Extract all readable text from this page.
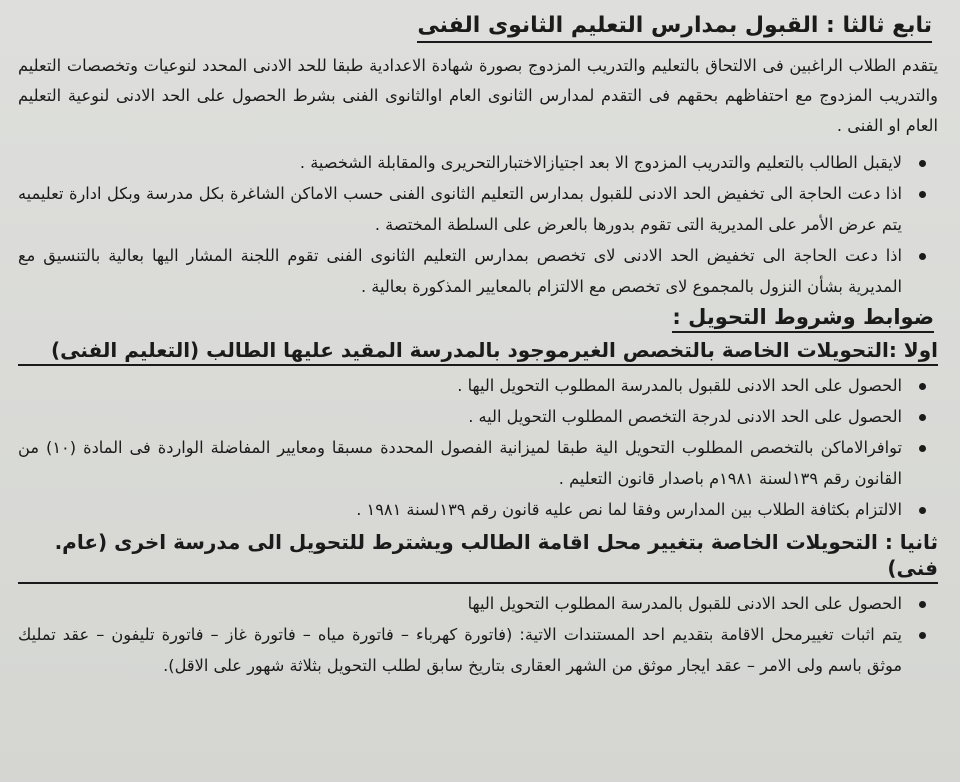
تابع ثالثا : القبول بمدارس التعليم الثانوى الفنى

يتقدم الطلاب الراغبين فى الالتحاق بالتعليم والتدريب المزدوج بصورة شهادة الاعدادية طبقا للحد الادنى المحدد لنوعيات وتخصصات التعليم والتدريب المزدوج مع احتفاظهم بحقهم فى التقدم لمدارس الثانوى العام اوالثانوى الفنى بشرط الحصول على الحد الادنى لنوعية التعليم العام او الفنى .

لايقبل الطالب بالتعليم والتدريب المزدوج الا بعد اجتيازالاختبارالتحريرى والمقابلة الشخصية .
اذا دعت الحاجة الى تخفيض الحد الادنى للقبول بمدارس التعليم الثانوى الفنى حسب الاماكن الشاغرة بكل مدرسة وبكل ادارة تعليميه يتم عرض الأمر على المديرية التى تقوم بدورها بالعرض على السلطة المختصة .
اذا دعت الحاجة الى تخفيض الحد الادنى لاى تخصص بمدارس التعليم الثانوى الفنى تقوم اللجنة المشار اليها بعالية بالتنسيق مع المديرية بشأن النزول بالمجموع لاى تخصص مع الالتزام بالمعايير المذكورة بعالية .
ضوابط وشروط التحويل :
اولا :التحويلات الخاصة بالتخصص الغيرموجود بالمدرسة المقيد عليها الطالب (التعليم الفنى)
الحصول على الحد الادنى للقبول بالمدرسة المطلوب التحويل اليها .
الحصول على الحد الادنى لدرجة التخصص المطلوب التحويل اليه .
توافرالاماكن بالتخصص المطلوب التحويل الية طبقا لميزانية الفصول المحددة مسبقا ومعايير المفاضلة الواردة فى المادة (١٠) من القانون رقم ١٣٩لسنة ١٩٨١م باصدار قانون التعليم .
الالتزام بكثافة الطلاب بين المدارس وفقا لما نص عليه قانون رقم ١٣٩لسنة ١٩٨١ .
ثانيا : التحويلات الخاصة بتغيير محل اقامة الطالب ويشترط للتحويل الى مدرسة اخرى (عام. فنى)
الحصول على الحد الادنى للقبول بالمدرسة المطلوب التحويل اليها
يتم اثبات تغييرمحل الاقامة بتقديم احد المستندات الاتية: (فاتورة كهرباء – فاتورة مياه – فاتورة غاز – فاتورة تليفون – عقد تمليك موثق باسم ولى الامر – عقد ايجار موثق من الشهر العقارى بتاريخ سابق لطلب التحويل بثلاثة شهور على الاقل).
